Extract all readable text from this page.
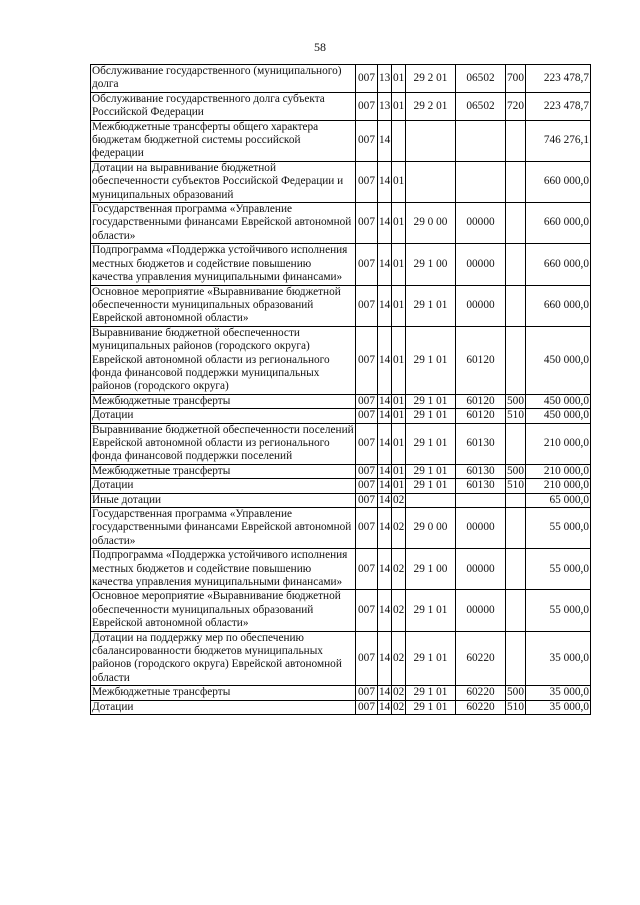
58
Обслуживание государственного (муниципального) долга	007	13	01	29 2 01	06502	700	223 478,7
Обслуживание государственного долга субъекта Российской Федерации	007	13	01	29 2 01	06502	720	223 478,7
Межбюджетные трансферты общего характера бюджетам бюджетной системы российской федерации	007	14					746 276,1
Дотации на выравнивание бюджетной обеспеченности субъектов Российской Федерации и муниципальных образований	007	14	01				660 000,0
Государственная программа «Управление государственными финансами Еврейской автономной области»	007	14	01	29 0 00	00000		660 000,0
Подпрограмма «Поддержка устойчивого исполнения местных бюджетов и содействие повышению качества управления муниципальными финансами»	007	14	01	29 1 00	00000		660 000,0
Основное мероприятие «Выравнивание бюджетной обеспеченности муниципальных образований Еврейской автономной области»	007	14	01	29 1 01	00000		660 000,0
Выравнивание бюджетной обеспеченности муниципальных районов (городского округа) Еврейской автономной области из регионального фонда финансовой поддержки муниципальных районов (городского округа)	007	14	01	29 1 01	60120		450 000,0
Межбюджетные трансферты	007	14	01	29 1 01	60120	500	450 000,0
Дотации	007	14	01	29 1 01	60120	510	450 000,0
Выравнивание бюджетной обеспеченности поселений Еврейской автономной области из регионального фонда финансовой поддержки поселений	007	14	01	29 1 01	60130		210 000,0
Межбюджетные трансферты	007	14	01	29 1 01	60130	500	210 000,0
Дотации	007	14	01	29 1 01	60130	510	210 000,0
Иные дотации	007	14	02				65 000,0
Государственная программа «Управление государственными финансами Еврейской автономной области»	007	14	02	29 0 00	00000		55 000,0
Подпрограмма «Поддержка устойчивого исполнения местных бюджетов и содействие повышению качества управления муниципальными финансами»	007	14	02	29 1 00	00000		55 000,0
Основное мероприятие «Выравнивание бюджетной обеспеченности муниципальных образований Еврейской автономной области»	007	14	02	29 1 01	00000		55 000,0
Дотации на поддержку мер по обеспечению сбалансированности бюджетов муниципальных районов (городского округа) Еврейской автономной области	007	14	02	29 1 01	60220		35 000,0
Межбюджетные трансферты	007	14	02	29 1 01	60220	500	35 000,0
Дотации	007	14	02	29 1 01	60220	510	35 000,0
